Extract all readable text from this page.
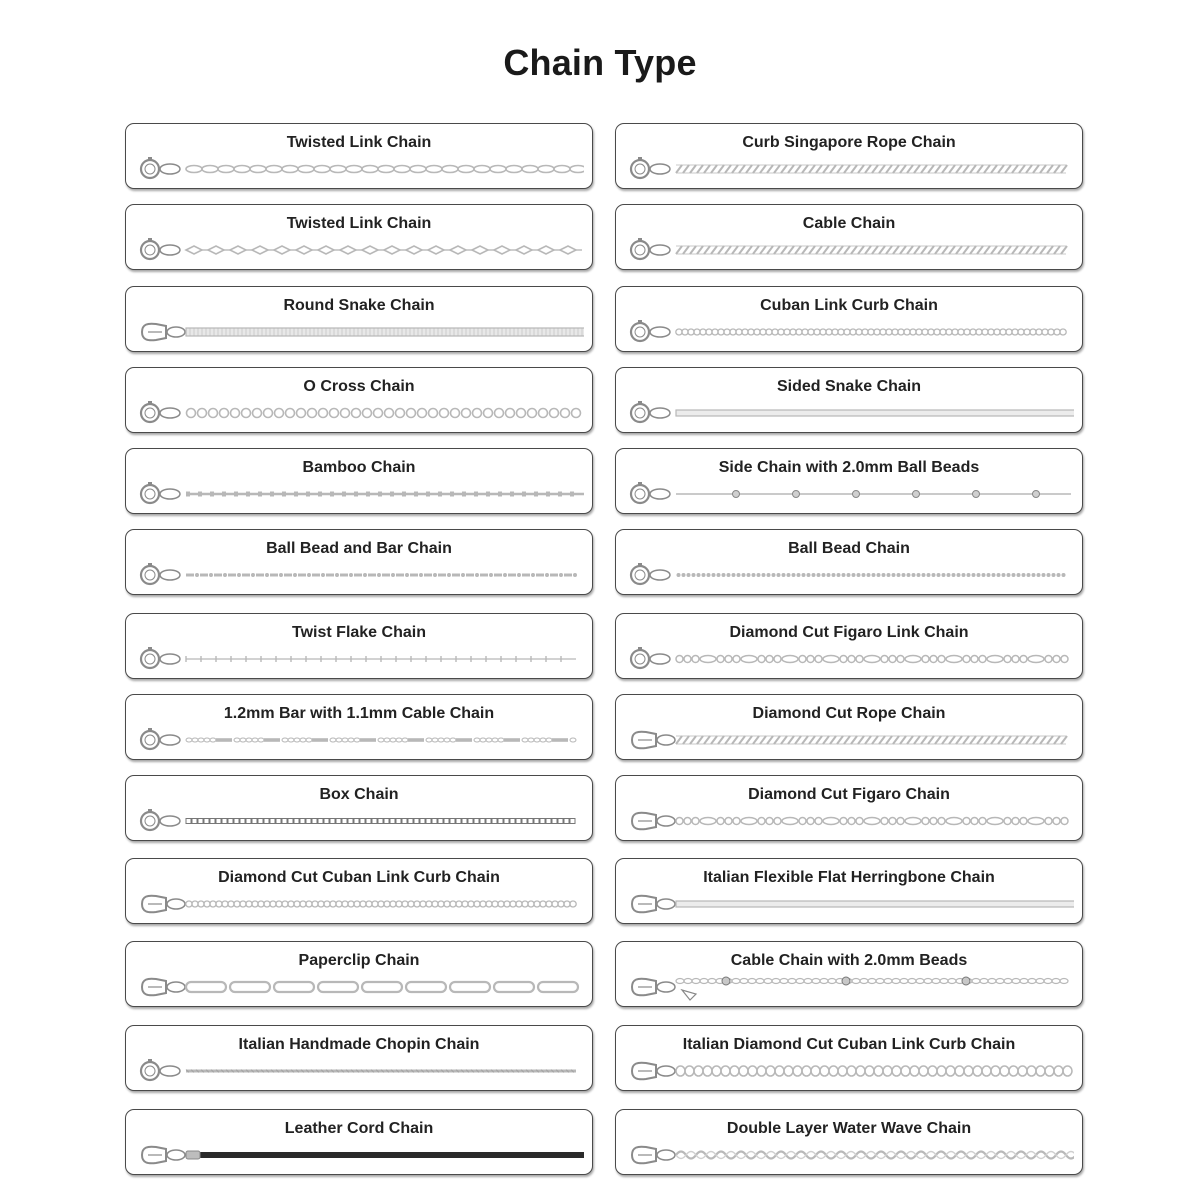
Chain Type
Twisted Link Chain	Curb Singapore Rope Chain
Twisted Link Chain	Cable Chain
Round Snake Chain	Cuban Link Curb Chain
O Cross Chain	Sided Snake Chain
Bamboo Chain	Side Chain with 2.0mm Ball Beads
Ball Bead and Bar Chain	Ball Bead Chain
Twist Flake Chain	Diamond Cut Figaro Link Chain
1.2mm Bar with 1.1mm Cable Chain	Diamond Cut Rope Chain
Box Chain	Diamond Cut Figaro Chain
Diamond Cut Cuban Link Curb Chain	Italian Flexible Flat Herringbone Chain
Paperclip Chain	Cable Chain with 2.0mm Beads
Italian Handmade Chopin Chain	Italian Diamond Cut Cuban Link Curb Chain
Leather Cord Chain	Double Layer Water Wave Chain
